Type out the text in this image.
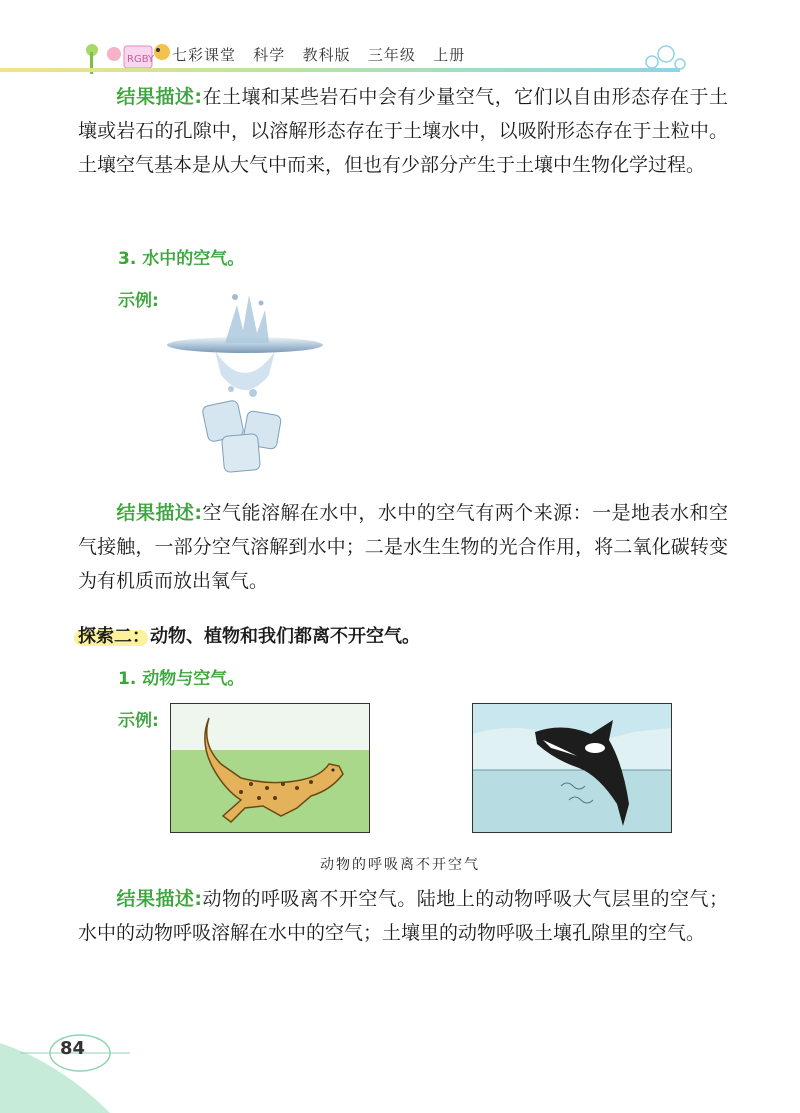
RGBY 七彩课堂   科学   教科版   三年级   上册
结果描述:在土壤和某些岩石中会有少量空气，它们以自由形态存在于土壤或岩石的孔隙中，以溶解形态存在于土壤水中，以吸附形态存在于土粒中。土壤空气基本是从大气中而来，但也有少部分产生于土壤中生物化学过程。
3. 水中的空气。
示例:
结果描述:空气能溶解在水中，水中的空气有两个来源：一是地表水和空气接触，一部分空气溶解到水中；二是水生生物的光合作用，将二氧化碳转变为有机质而放出氧气。
探索二：动物、植物和我们都离不开空气。
1. 动物与空气。
示例:
动物的呼吸离不开空气
结果描述:动物的呼吸离不开空气。陆地上的动物呼吸大气层里的空气；水中的动物呼吸溶解在水中的空气；土壤里的动物呼吸土壤孔隙里的空气。
84
